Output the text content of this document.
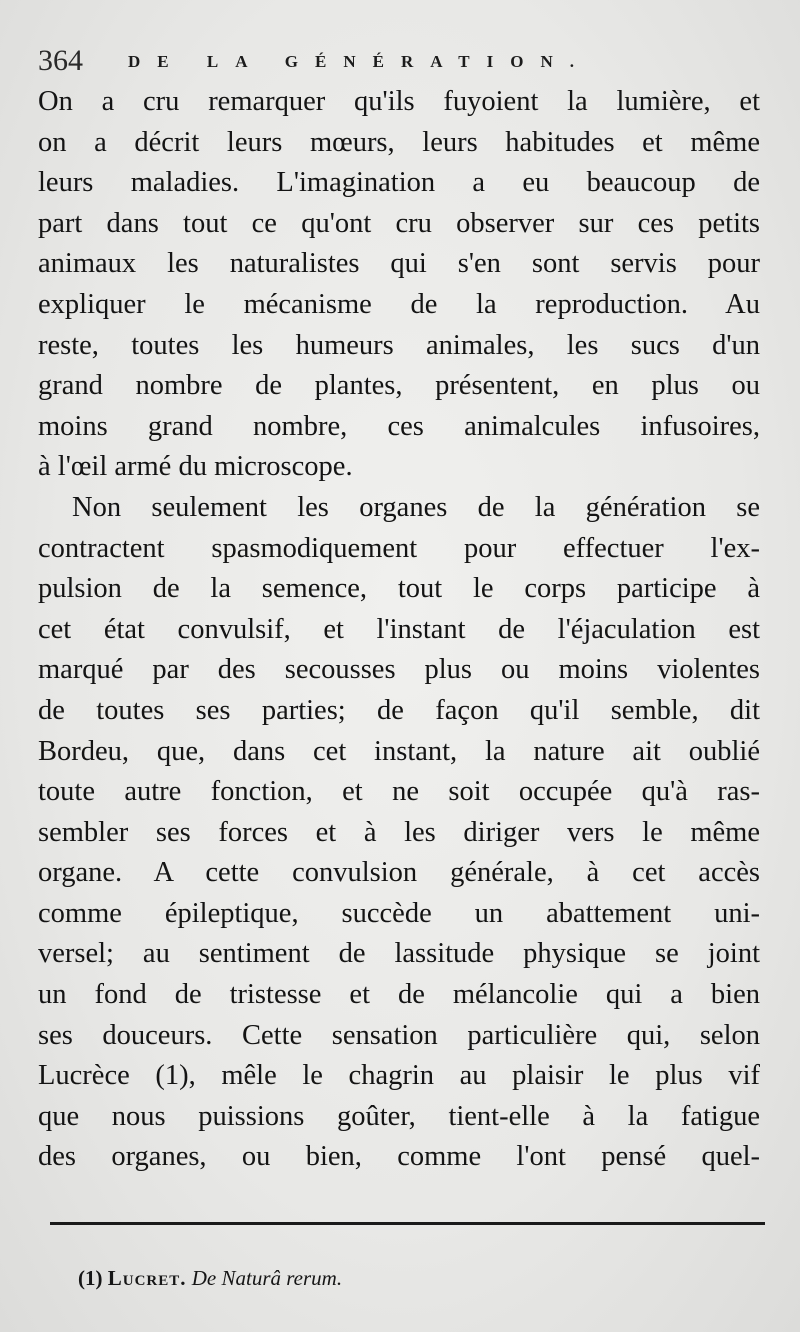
364	DE LA GÉNÉRATION.
On a cru remarquer qu'ils fuyoient la lumière, et
on a décrit leurs mœurs, leurs habitudes et même
leurs maladies. L'imagination a eu beaucoup de
part dans tout ce qu'ont cru observer sur ces petits
animaux les naturalistes qui s'en sont servis pour
expliquer le mécanisme de la reproduction. Au
reste, toutes les humeurs animales, les sucs d'un
grand nombre de plantes, présentent, en plus ou
moins grand nombre, ces animalcules infusoires,
à l'œil armé du microscope.
Non seulement les organes de la génération se
contractent spasmodiquement pour effectuer l'ex-
pulsion de la semence, tout le corps participe à
cet état convulsif, et l'instant de l'éjaculation est
marqué par des secousses plus ou moins violentes
de toutes ses parties; de façon qu'il semble, dit
Bordeu, que, dans cet instant, la nature ait oublié
toute autre fonction, et ne soit occupée qu'à ras-
sembler ses forces et à les diriger vers le même
organe. A cette convulsion générale, à cet accès
comme épileptique, succède un abattement uni-
versel; au sentiment de lassitude physique se joint
un fond de tristesse et de mélancolie qui a bien
ses douceurs. Cette sensation particulière qui, selon
Lucrèce (1), mêle le chagrin au plaisir le plus vif
que nous puissions goûter, tient-elle à la fatigue
des organes, ou bien, comme l'ont pensé quel-
(1) Lucret. De Naturâ rerum.
